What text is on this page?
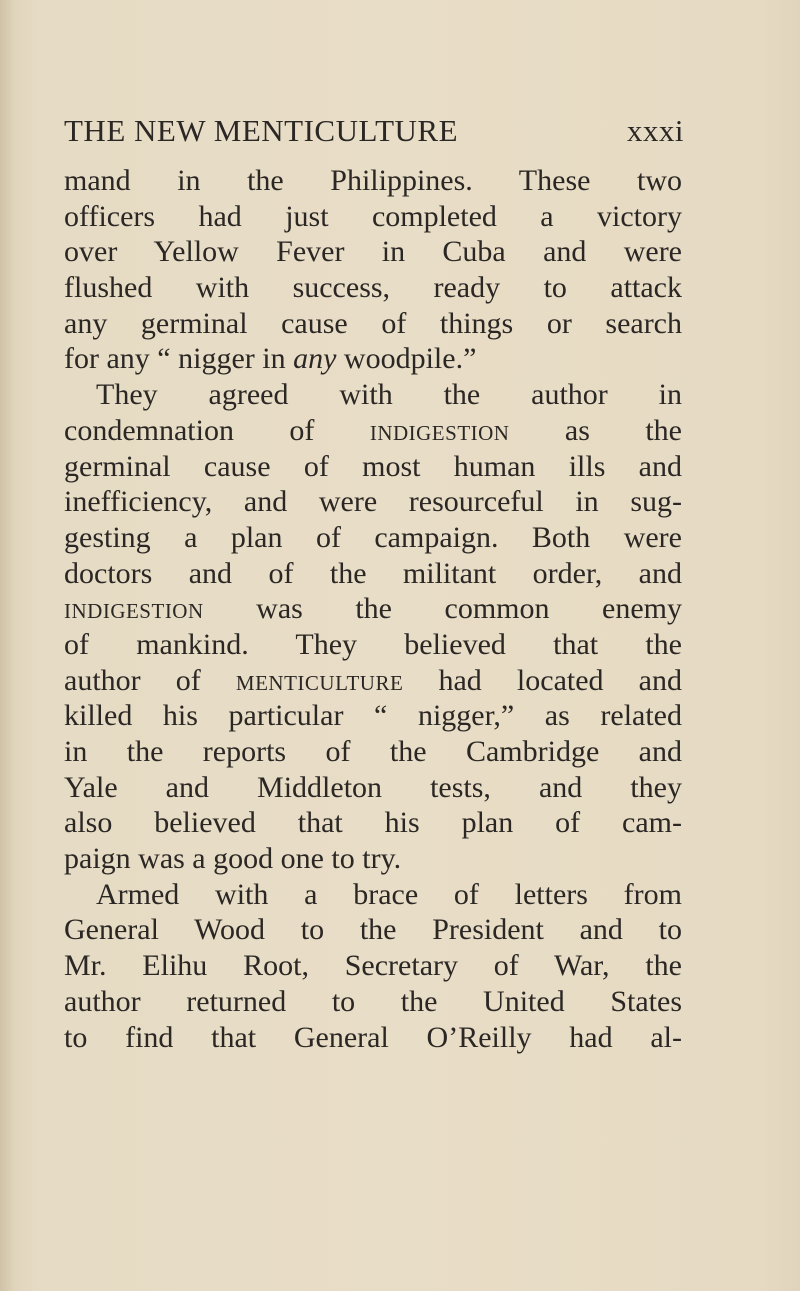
THE NEW MENTICULTURE	xxxi
mand in the Philippines. These two
officers had just completed a victory
over Yellow Fever in Cuba and were
flushed with success, ready to attack
any germinal cause of things or search
for any “ nigger in any woodpile.”
They agreed with the author in
condemnation of indigestion as the
germinal cause of most human ills and
inefficiency, and were resourceful in sug-
gesting a plan of campaign. Both were
doctors and of the militant order, and
indigestion was the common enemy
of mankind. They believed that the
author of menticulture had located and
killed his particular “ nigger,” as related
in the reports of the Cambridge and
Yale and Middleton tests, and they
also believed that his plan of cam-
paign was a good one to try.
Armed with a brace of letters from
General Wood to the President and to
Mr. Elihu Root, Secretary of War, the
author returned to the United States
to find that General O’Reilly had al-
